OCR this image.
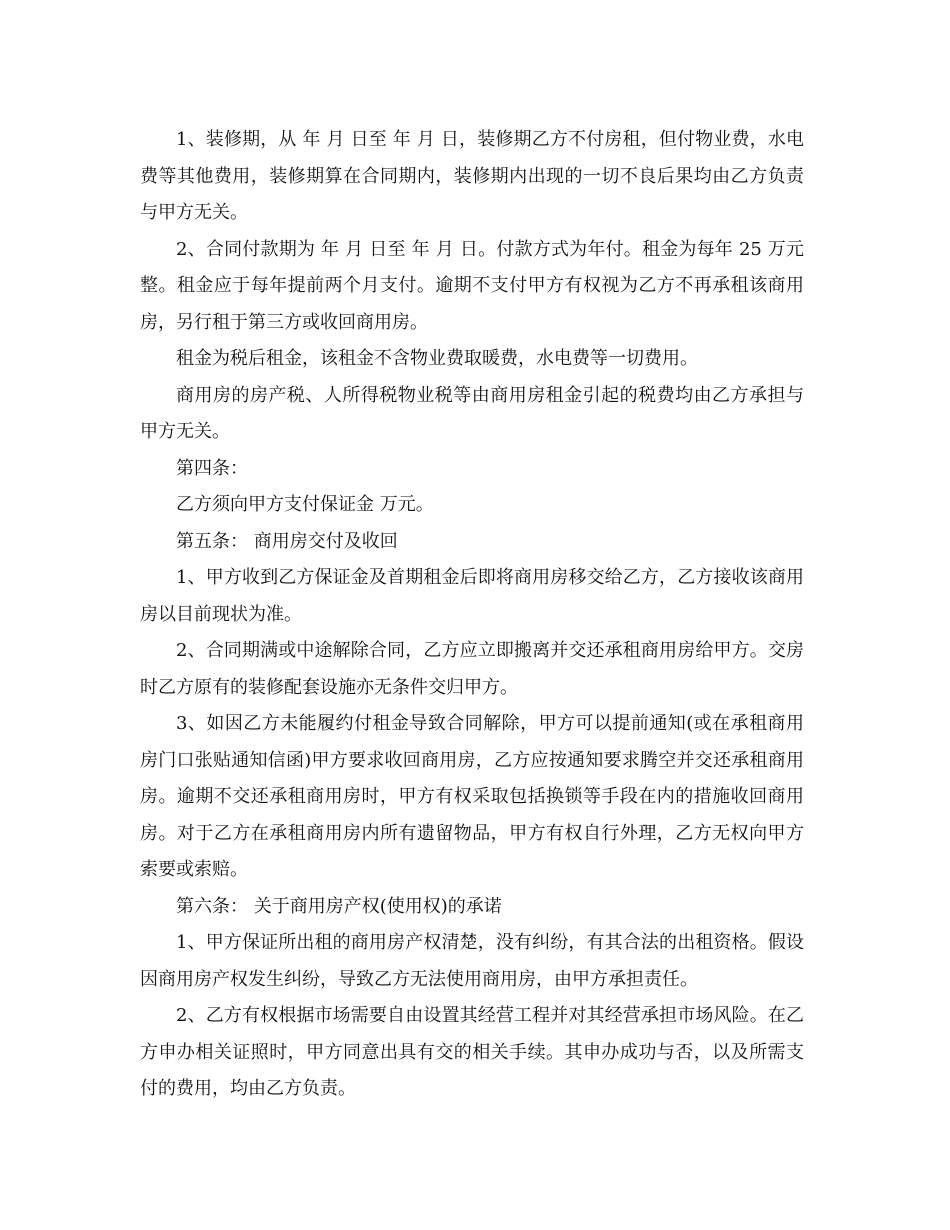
1、装修期，从 年 月 日至 年 月 日，装修期乙方不付房租，但付物业费，水电费等其他费用，装修期算在合同期内，装修期内出现的一切不良后果均由乙方负责与甲方无关。

2、合同付款期为 年 月 日至 年 月 日。付款方式为年付。租金为每年 25 万元整。租金应于每年提前两个月支付。逾期不支付甲方有权视为乙方不再承租该商用房，另行租于第三方或收回商用房。

租金为税后租金，该租金不含物业费取暖费，水电费等一切费用。

商用房的房产税、人所得税物业税等由商用房租金引起的税费均由乙方承担与甲方无关。

第四条：

乙方须向甲方支付保证金 万元。

第五条： 商用房交付及收回

1、甲方收到乙方保证金及首期租金后即将商用房移交给乙方，乙方接收该商用房以目前现状为准。

2、合同期满或中途解除合同，乙方应立即搬离并交还承租商用房给甲方。交房时乙方原有的装修配套设施亦无条件交归甲方。

3、如因乙方未能履约付租金导致合同解除，甲方可以提前通知(或在承租商用房门口张贴通知信函)甲方要求收回商用房，乙方应按通知要求腾空并交还承租商用房。逾期不交还承租商用房时，甲方有权采取包括换锁等手段在内的措施收回商用房。对于乙方在承租商用房内所有遗留物品，甲方有权自行外理，乙方无权向甲方索要或索赔。

第六条： 关于商用房产权(使用权)的承诺

1、甲方保证所出租的商用房产权清楚，没有纠纷，有其合法的出租资格。假设因商用房产权发生纠纷，导致乙方无法使用商用房，由甲方承担责任。

2、乙方有权根据市场需要自由设置其经营工程并对其经营承担市场风险。在乙方申办相关证照时，甲方同意出具有交的相关手续。其申办成功与否，以及所需支付的费用，均由乙方负责。
